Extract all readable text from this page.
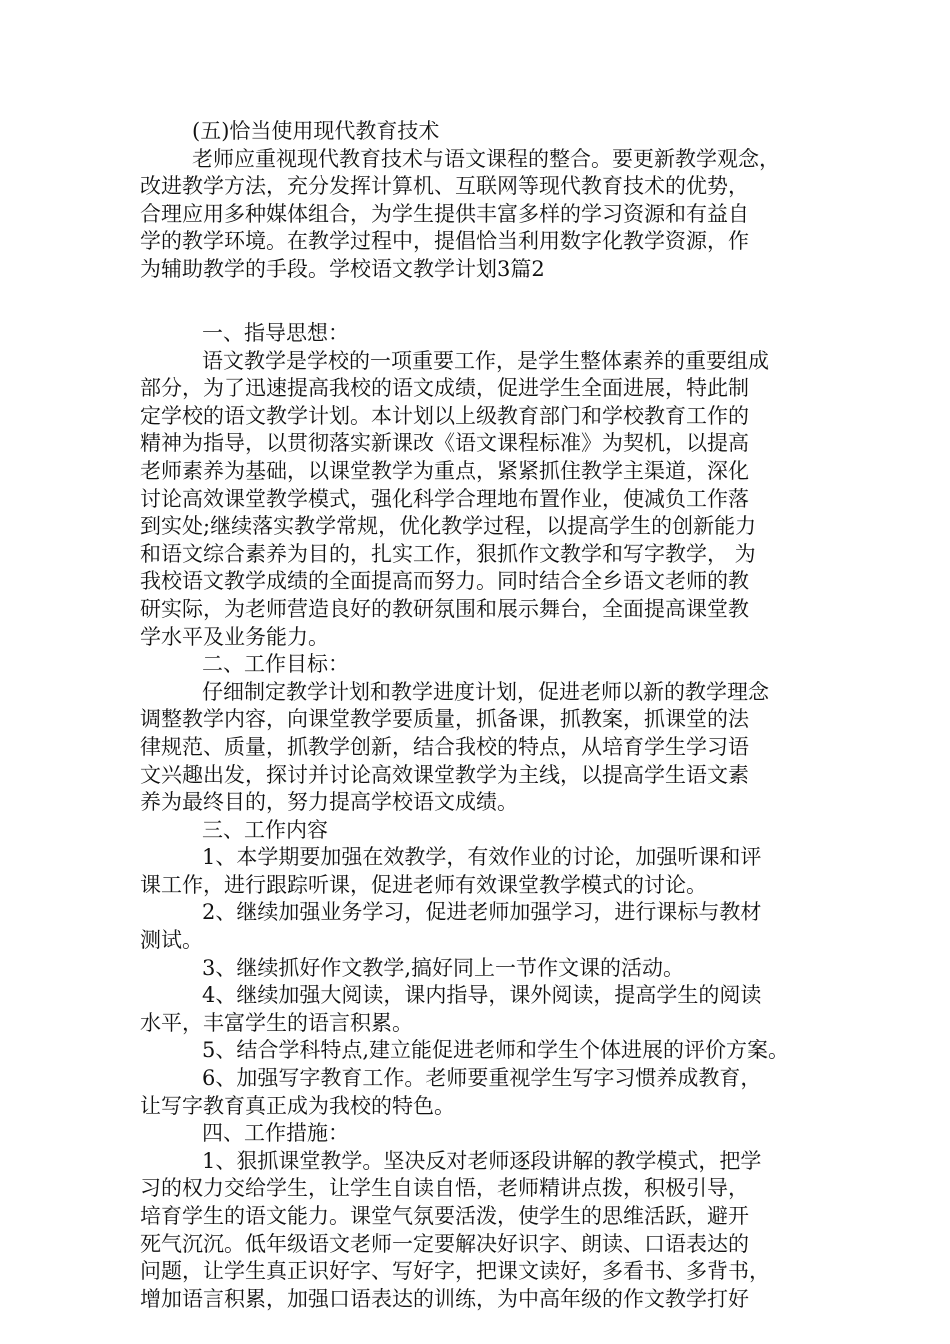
(五)恰当使用现代教育技术
老师应重视现代教育技术与语文课程的整合。要更新教学观念，
改进教学方法，充分发挥计算机、互联网等现代教育技术的优势，
合理应用多种媒体组合，为学生提供丰富多样的学习资源和有益自
学的教学环境。在教学过程中，提倡恰当利用数字化教学资源，作
为辅助教学的手段。学校语文教学计划3篇2
一、指导思想：
语文教学是学校的一项重要工作，是学生整体素养的重要组成
部分，为了迅速提高我校的语文成绩，促进学生全面进展，特此制
定学校的语文教学计划。本计划以上级教育部门和学校教育工作的
精神为指导，以贯彻落实新课改《语文课程标准》为契机，以提高
老师素养为基础，以课堂教学为重点，紧紧抓住教学主渠道，深化
讨论高效课堂教学模式，强化科学合理地布置作业，使减负工作落
到实处;继续落实教学常规，优化教学过程，以提高学生的创新能力
和语文综合素养为目的，扎实工作，狠抓作文教学和写字教学， 为
我校语文教学成绩的全面提高而努力。同时结合全乡语文老师的教
研实际，为老师营造良好的教研氛围和展示舞台，全面提高课堂教
学水平及业务能力。
二、工作目标：
仔细制定教学计划和教学进度计划，促进老师以新的教学理念
调整教学内容，向课堂教学要质量，抓备课，抓教案，抓课堂的法
律规范、质量，抓教学创新，结合我校的特点，从培育学生学习语
文兴趣出发，探讨并讨论高效课堂教学为主线，以提高学生语文素
养为最终目的，努力提高学校语文成绩。
三、工作内容
1、本学期要加强在效教学，有效作业的讨论，加强听课和评
课工作，进行跟踪听课，促进老师有效课堂教学模式的讨论。
2、继续加强业务学习，促进老师加强学习，进行课标与教材
测试。
3、继续抓好作文教学,搞好同上一节作文课的活动。
4、继续加强大阅读，课内指导，课外阅读，提高学生的阅读
水平，丰富学生的语言积累。
5、结合学科特点,建立能促进老师和学生个体进展的评价方案。
6、加强写字教育工作。老师要重视学生写字习惯养成教育，
让写字教育真正成为我校的特色。
四、工作措施：
1、狠抓课堂教学。坚决反对老师逐段讲解的教学模式，把学
习的权力交给学生，让学生自读自悟，老师精讲点拨，积极引导，
培育学生的语文能力。课堂气氛要活泼，使学生的思维活跃，避开
死气沉沉。低年级语文老师一定要解决好识字、朗读、口语表达的
问题，让学生真正识好字、写好字，把课文读好，多看书、多背书，
增加语言积累，加强口语表达的训练，为中高年级的作文教学打好
